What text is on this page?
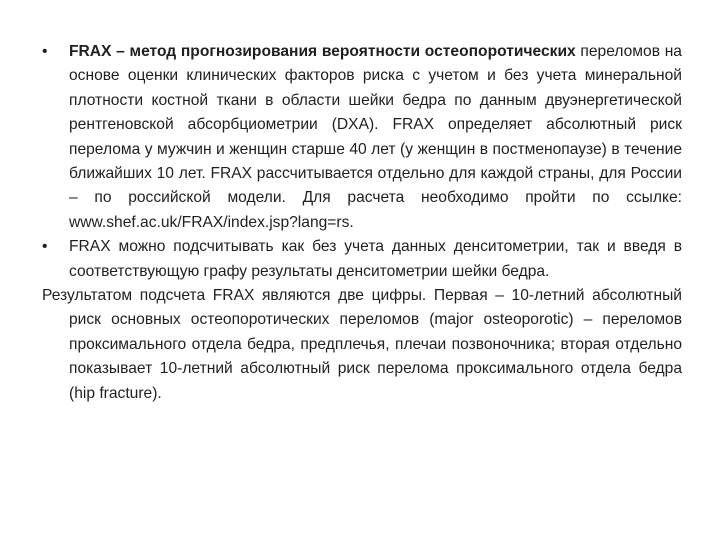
• FRAX – метод прогнозирования вероятности остеопоротических переломов на основе оценки клинических факторов риска с учетом и без учета минеральной плотности костной ткани в области шейки бедра по данным двуэнергетической рентгеновской абсорбциометрии (DXA). FRAX определяет абсолютный риск перелома у мужчин и женщин старше 40 лет (у женщин в постменопаузе) в течение ближайших 10 лет. FRAX рассчитывается отдельно для каждой страны, для России – по российской модели. Для расчета необходимо пройти по ссылке: www.shef.ac.uk/FRAX/index.jsp?lang=rs.

• FRAX можно подсчитывать как без учета данных денситометрии, так и введя в соответствующую графу результаты денситометрии шейки бедра.

Результатом подсчета FRAX являются две цифры. Первая – 10-летний абсолютный риск основных остеопоротических переломов (major osteoporotic) – переломов проксимального отдела бедра, предплечья, плечаи позвоночника; вторая отдельно показывает 10-летний абсолютный риск перелома проксимального отдела бедра (hip fracture).
